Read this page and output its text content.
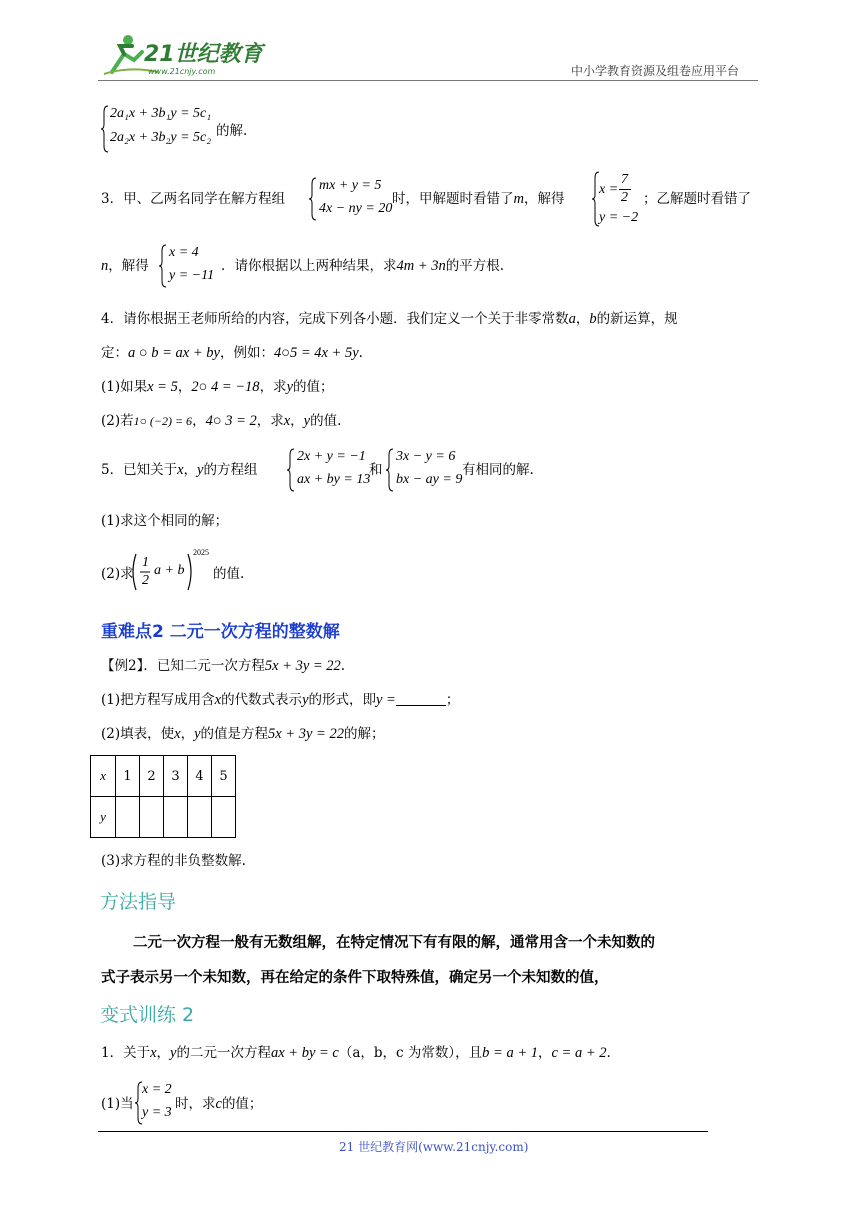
21世纪教育
www.21cnjy.com	中小学教育资源及组卷应用平台
2a₁x + 3b₁y = 5c₁
2a₂x + 3b₂y = 5c₂ 的解.
3．甲、乙两名同学在解方程组
mx + y = 5
4x − ny = 20
时，甲解题时看错了m，解得
x =
7
2
y = −2
；乙解题时看错了
n，解得
x = 4
y = −11
．请你根据以上两种结果，求4m + 3n的平方根.
4．请你根据王老师所给的内容，完成下列各小题．我们定义一个关于非零常数a，b的新运算，规
定：a ○ b = ax + by，例如：4○5 = 4x + 5y.
(1)如果x = 5，2○ 4 = −18，求y的值；
(2)若1○ (−2) = 6，4○ 3 = 2，求x，y的值.
5．已知关于x，y的方程组
2x + y = −1
ax + by = 13
和
3x − y = 6
bx − ay = 9
有相同的解.
(1)求这个相同的解；
(2)求
1
2
a + b
2025
的值.
重难点2 二元一次方程的整数解
【例2】．已知二元一次方程5x + 3y = 22.
(1)把方程写成用含x的代数式表示y的形式，即y =	；
(2)填表，使x，y的值是方程5x + 3y = 22的解；
x	1	2	3	4	5
y					
(3)求方程的非负整数解.
方法指导
二元一次方程一般有无数组解，在特定情况下有有限的解，通常用含一个未知数的
式子表示另一个未知数，再在给定的条件下取特殊值，确定另一个未知数的值，
变式训练 2
1．关于x，y的二元一次方程ax + by = c（a，b，c 为常数），且b = a + 1，c = a + 2.
(1)当
x = 2
y = 3
时，求c的值；
21 世纪教育网(www.21cnjy.com)
